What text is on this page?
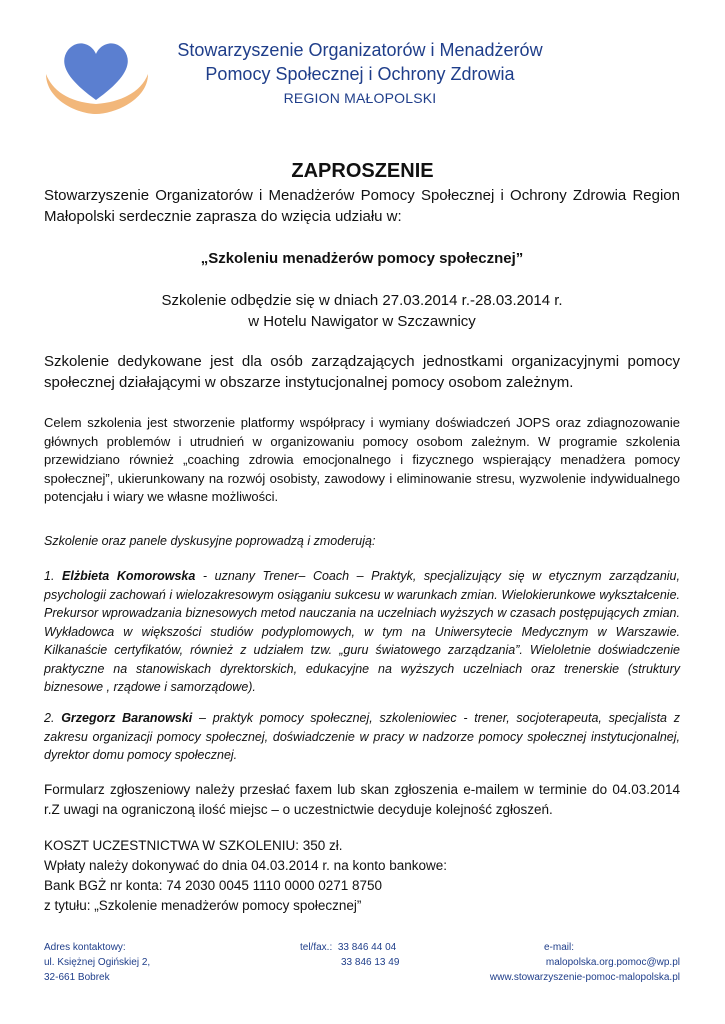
Stowarzyszenie Organizatorów i Menadżerów
Pomocy Społecznej i Ochrony Zdrowia
REGION MAŁOPOLSKI
ZAPROSZENIE
Stowarzyszenie Organizatorów i Menadżerów Pomocy Społecznej i Ochrony Zdrowia Region Małopolski serdecznie zaprasza do wzięcia udziału w:
„Szkoleniu menadżerów pomocy społecznej”
Szkolenie odbędzie się w dniach 27.03.2014 r.-28.03.2014 r.
w Hotelu Nawigator w Szczawnicy
Szkolenie dedykowane jest dla osób zarządzających jednostkami organizacyjnymi pomocy społecznej działającymi w obszarze instytucjonalnej pomocy osobom zależnym.
Celem szkolenia jest stworzenie platformy współpracy i wymiany doświadczeń JOPS oraz zdiagnozowanie głównych problemów i utrudnień w organizowaniu pomocy osobom zależnym. W programie szkolenia przewidziano również „coaching zdrowia emocjonalnego i fizycznego wspierający menadżera pomocy społecznej”, ukierunkowany na rozwój osobisty, zawodowy i eliminowanie stresu, wyzwolenie indywidualnego potencjału i wiary we własne możliwości.
Szkolenie oraz panele dyskusyjne poprowadzą i zmoderują:
1. Elżbieta Komorowska - uznany Trener– Coach – Praktyk, specjalizujący się w etycznym zarządzaniu, psychologii zachowań i wielozakresowym osiąganiu sukcesu w warunkach zmian. Wielokierunkowe wykształcenie. Prekursor wprowadzania biznesowych metod nauczania na uczelniach wyższych w czasach postępujących zmian. Wykładowca w większości studiów podyplomowych, w tym na Uniwersytecie Medycznym w Warszawie. Kilkanaście certyfikatów, również z udziałem tzw. „guru światowego zarządzania”. Wieloletnie doświadczenie praktyczne na stanowiskach dyrektorskich, edukacyjne na wyższych uczelniach oraz trenerskie (struktury biznesowe , rządowe i samorządowe).
2. Grzegorz Baranowski – praktyk pomocy społecznej, szkoleniowiec - trener, socjoterapeuta, specjalista z zakresu organizacji pomocy społecznej, doświadczenie w pracy w nadzorze pomocy społecznej instytucjonalnej, dyrektor domu pomocy społecznej.
Formularz zgłoszeniowy należy przesłać faxem lub skan zgłoszenia e-mailem w terminie do 04.03.2014 r.Z uwagi na ograniczoną ilość miejsc – o uczestnictwie decyduje kolejność zgłoszeń.
KOSZT UCZESTNICTWA W SZKOLENIU: 350 zł.
Wpłaty należy dokonywać do dnia 04.03.2014 r. na konto bankowe:
Bank BGŻ nr konta: 74 2030 0045 1110 0000 0271 8750
z tytułu: „Szkolenie menadżerów pomocy społecznej”
Adres kontaktowy:
ul. Księżnej Ogińskiej 2,
32-661 Bobrek
tel/fax.: 33 846 44 04
33 846 13 49
e-mail:
malopolska.org.pomoc@wp.pl
www.stowarzyszenie-pomoc-malopolska.pl
